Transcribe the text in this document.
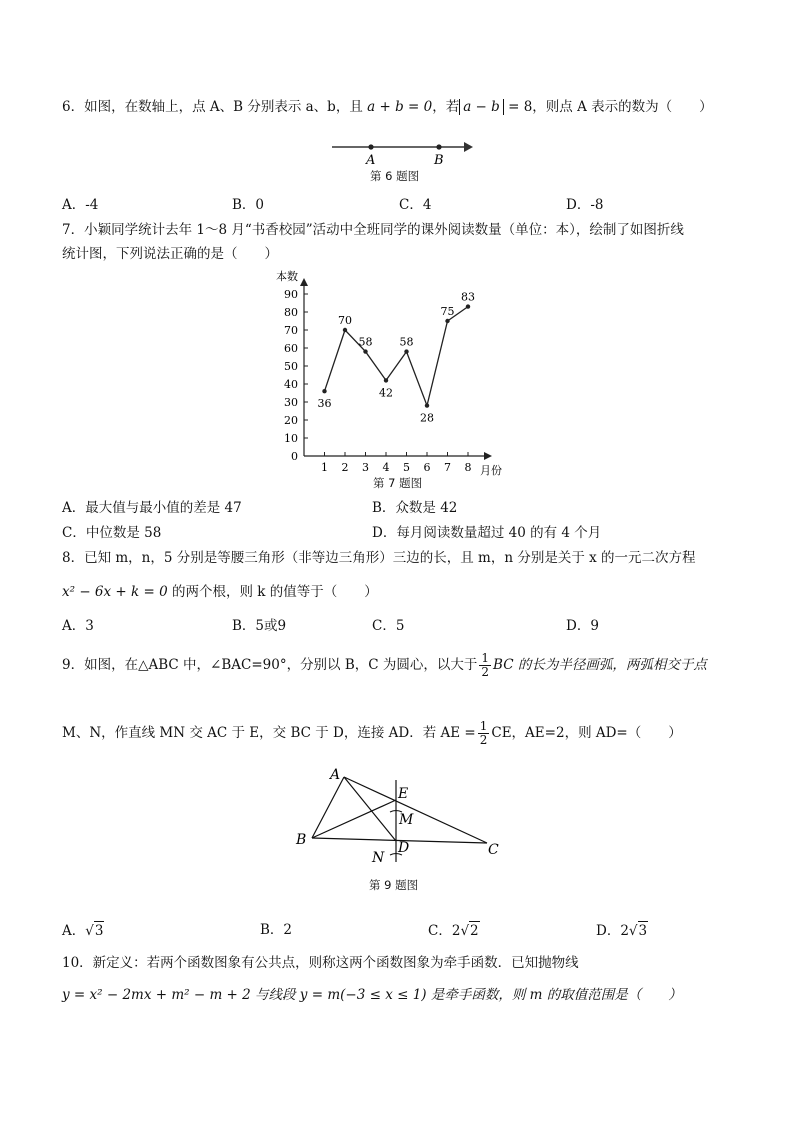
6．如图，在数轴上，点 A、B 分别表示 a、b，且 a + b = 0，若 a − b = 8，则点 A 表示的数为（　　）
A	B
第 6 题图
A．-4	B．0	C．4	D．-8
7．小颖同学统计去年 1～8 月“书香校园”活动中全班同学的课外阅读数量（单位：本），绘制了如图折线
统计图，下列说法正确的是（　　）
本数
月份
0
10
20
30
40
50
60
70
80
90
1 2 3 4 5 6 7 8
36
70
58
42
58
28
75
83
第 7 题图
A．最大值与最小值的差是 47	B．众数是 42
C．中位数是 58	D．每月阅读数量超过 40 的有 4 个月
8．已知 m，n，5 分别是等腰三角形（非等边三角形）三边的长，且 m，n 分别是关于 x 的一元二次方程
x² − 6x + k = 0 的两个根，则 k 的值等于（　　）
A．3	B．5或9	C．5	D．9
9．如图，在△ABC 中，∠BAC=90°，分别以 B，C 为圆心，以大于 $\frac{1}{2}$ BC 的长为半径画弧，两弧相交于点
M、N，作直线 MN 交 AC 于 E，交 BC 于 D，连接 AD．若 AE = $\frac{1}{2}$ CE，AE=2，则 AD=（　　）
A
B
C
D
E
M
N
第 9 题图
A．√3	B．2	C．2√2	D．2√3
10．新定义：若两个函数图象有公共点，则称这两个函数图象为牵手函数．已知抛物线
y = x² − 2mx + m² − m + 2 与线段 y = m(−3 ≤ x ≤ 1) 是牵手函数，则 m 的取值范围是（　　）
